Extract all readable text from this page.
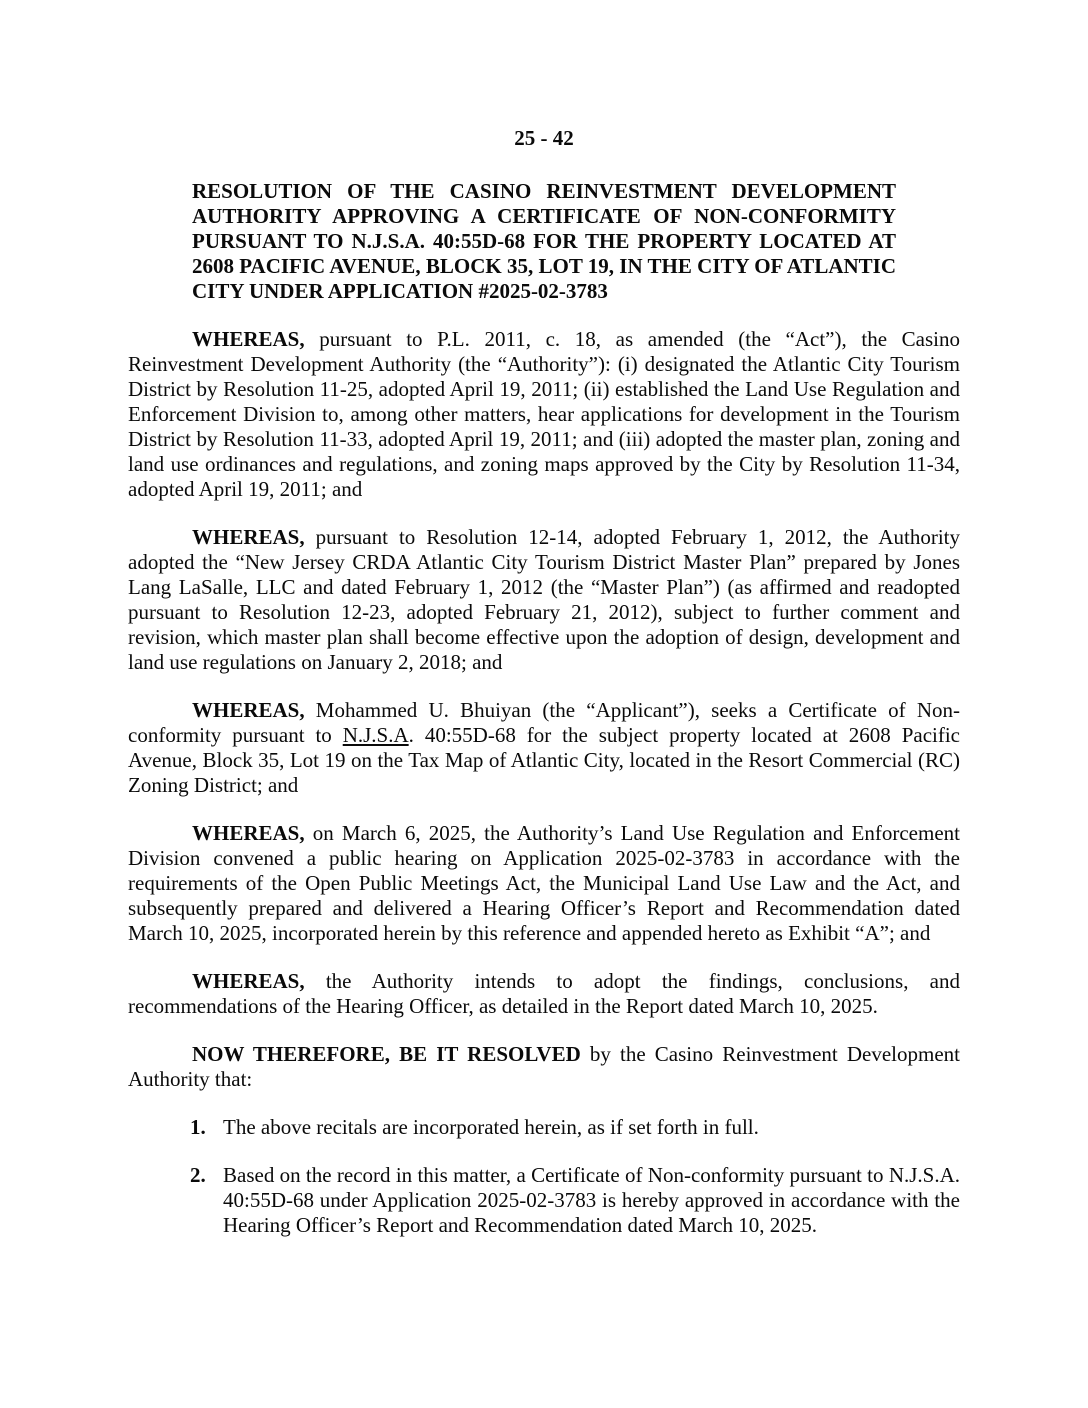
25 - 42
RESOLUTION OF THE CASINO REINVESTMENT DEVELOPMENT AUTHORITY APPROVING A CERTIFICATE OF NON-CONFORMITY PURSUANT TO N.J.S.A. 40:55D-68 FOR THE PROPERTY LOCATED AT 2608 PACIFIC AVENUE, BLOCK 35, LOT 19, IN THE CITY OF ATLANTIC CITY UNDER APPLICATION #2025-02-3783

WHEREAS, pursuant to P.L. 2011, c. 18, as amended (the “Act”), the Casino Reinvestment Development Authority (the “Authority”): (i) designated the Atlantic City Tourism District by Resolution 11-25, adopted April 19, 2011; (ii) established the Land Use Regulation and Enforcement Division to, among other matters, hear applications for development in the Tourism District by Resolution 11-33, adopted April 19, 2011; and (iii) adopted the master plan, zoning and land use ordinances and regulations, and zoning maps approved by the City by Resolution 11-34, adopted April 19, 2011; and

WHEREAS, pursuant to Resolution 12-14, adopted February 1, 2012, the Authority adopted the “New Jersey CRDA Atlantic City Tourism District Master Plan” prepared by Jones Lang LaSalle, LLC and dated February 1, 2012 (the “Master Plan”) (as affirmed and readopted pursuant to Resolution 12-23, adopted February 21, 2012), subject to further comment and revision, which master plan shall become effective upon the adoption of design, development and land use regulations on January 2, 2018; and

WHEREAS, Mohammed U. Bhuiyan (the “Applicant”), seeks a Certificate of Non-conformity pursuant to N.J.S.A. 40:55D-68 for the subject property located at 2608 Pacific Avenue, Block 35, Lot 19 on the Tax Map of Atlantic City, located in the Resort Commercial (RC) Zoning District; and

WHEREAS, on March 6, 2025, the Authority’s Land Use Regulation and Enforcement Division convened a public hearing on Application 2025-02-3783 in accordance with the requirements of the Open Public Meetings Act, the Municipal Land Use Law and the Act, and subsequently prepared and delivered a Hearing Officer’s Report and Recommendation dated March 10, 2025, incorporated herein by this reference and appended hereto as Exhibit “A”; and

WHEREAS, the Authority intends to adopt the findings, conclusions, and recommendations of the Hearing Officer, as detailed in the Report dated March 10, 2025.

NOW THEREFORE, BE IT RESOLVED by the Casino Reinvestment Development Authority that:

1. The above recitals are incorporated herein, as if set forth in full.
2. Based on the record in this matter, a Certificate of Non-conformity pursuant to N.J.S.A. 40:55D-68 under Application 2025-02-3783 is hereby approved in accordance with the Hearing Officer’s Report and Recommendation dated March 10, 2025.
